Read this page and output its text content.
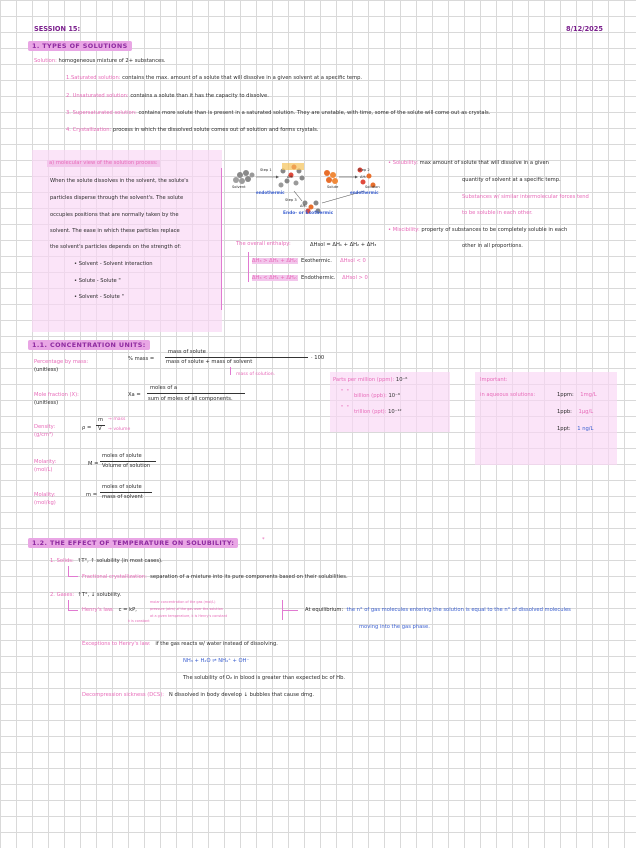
SESSION 15:	8/12/2025
1. TYPES OF SOLUTIONS
Solution: homogeneous mixture of 2+ substances.
1.Saturated solution: contains the max. amount of a solute that will dissolve in a given solvent at a specific temp.
2. Unsaturated solution: contains a solute than it has the capacity to dissolve.
3. Supersaturated solution: contains more solute than is present in a saturated solution. They are unstable, with time, some of the solute will come out as crystals.
4. Crystallization: process in which the dissolved solute comes out of solution and forms crystals.
a) molecular view of the solution process:
When the solute dissolves in the solvent, the solute's
particles disperse through the solvent's. The solute
occupies positions that are normally taken by the
solvent. The ease in which these particles replace
the solvent's particles depends on the strength of:
• Solvent - Solvent interaction
• Solute - Solute "
• Solvent - Solute "
Step 1	Step 2
Step 3
Solvent	Solute	Solution
ΔH₁	ΔH₂
ΔH₃
endothermic	endothermic
Endo- or Exothermic
The overall enthalpy:	ΔHsol = ΔH₁ + ΔH₂ + ΔH₃
ΔH₃ > ΔH₁ + ΔH₂: Exothermic. ΔHsol < 0
ΔH₃ < ΔH₁ + ΔH₂: Endothermic. ΔHsol > 0
• Solubility: max amount of solute that will dissolve in a given
quantity of solvent at a specific temp.
Substances w/ similar intermolecular forces tend
to be soluble in each other.
• Miscibility: property of substances to be completely soluble in each
other in all proportions.
1.1. CONCENTRATION UNITS:
Percentage by mass:
(unitless)
% mass =
mass of solute
mass of solute + mass of solvent
· 100
mass of solution.
Mole fraction (X):
(unitless)
Xa =
moles of a
sum of moles of all components.
Density:
(g/cm³)
ρ =
m
V
→ mass
→ volume
Molarity:
(mol/L)
M =
moles of solute
Volume of solution
Molality:
(mol/kg)
m =
moles of solute
mass of solvent
Parts per million (ppm): 10⁻⁶
billion (ppb): 10⁻⁹
trillion (ppt): 10⁻¹²
"  "
"  "
Important:
in aqueous solutions:	1ppm: 1mg/L
1ppb: 1μg/L
1ppt: 1 ng/L
1.2. THE EFFECT OF TEMPERATURE ON SOLUBILITY:	*
1. Solids: ↑T°, ↑ solubility (in most cases).
Fractional crystallization: separation of a mixture into its pure components based on their solubilities.
2. Gases: ↑T°, ↓ solubility.
Henry's law: c = kP,
molar concentration of the gas (mol/L)
pressure (atm) of the gas over the solution
at a given temperature, k is Henry's constant
k is constant
At equilibrium: the n° of gas molecules entering the solution is equal to the n° of dissolved molecules
moving into the gas phase.
Exceptions to Henry's law: if the gas reacts w/ water instead of dissolving.
NH₃ + H₂O ⇌ NH₄⁺ + OH⁻
The solubility of O₂ in blood is greater than expected bc of Hb.
Decompression sickness (DCS): N dissolved in body develop ↓ bubbles that cause dmg.
